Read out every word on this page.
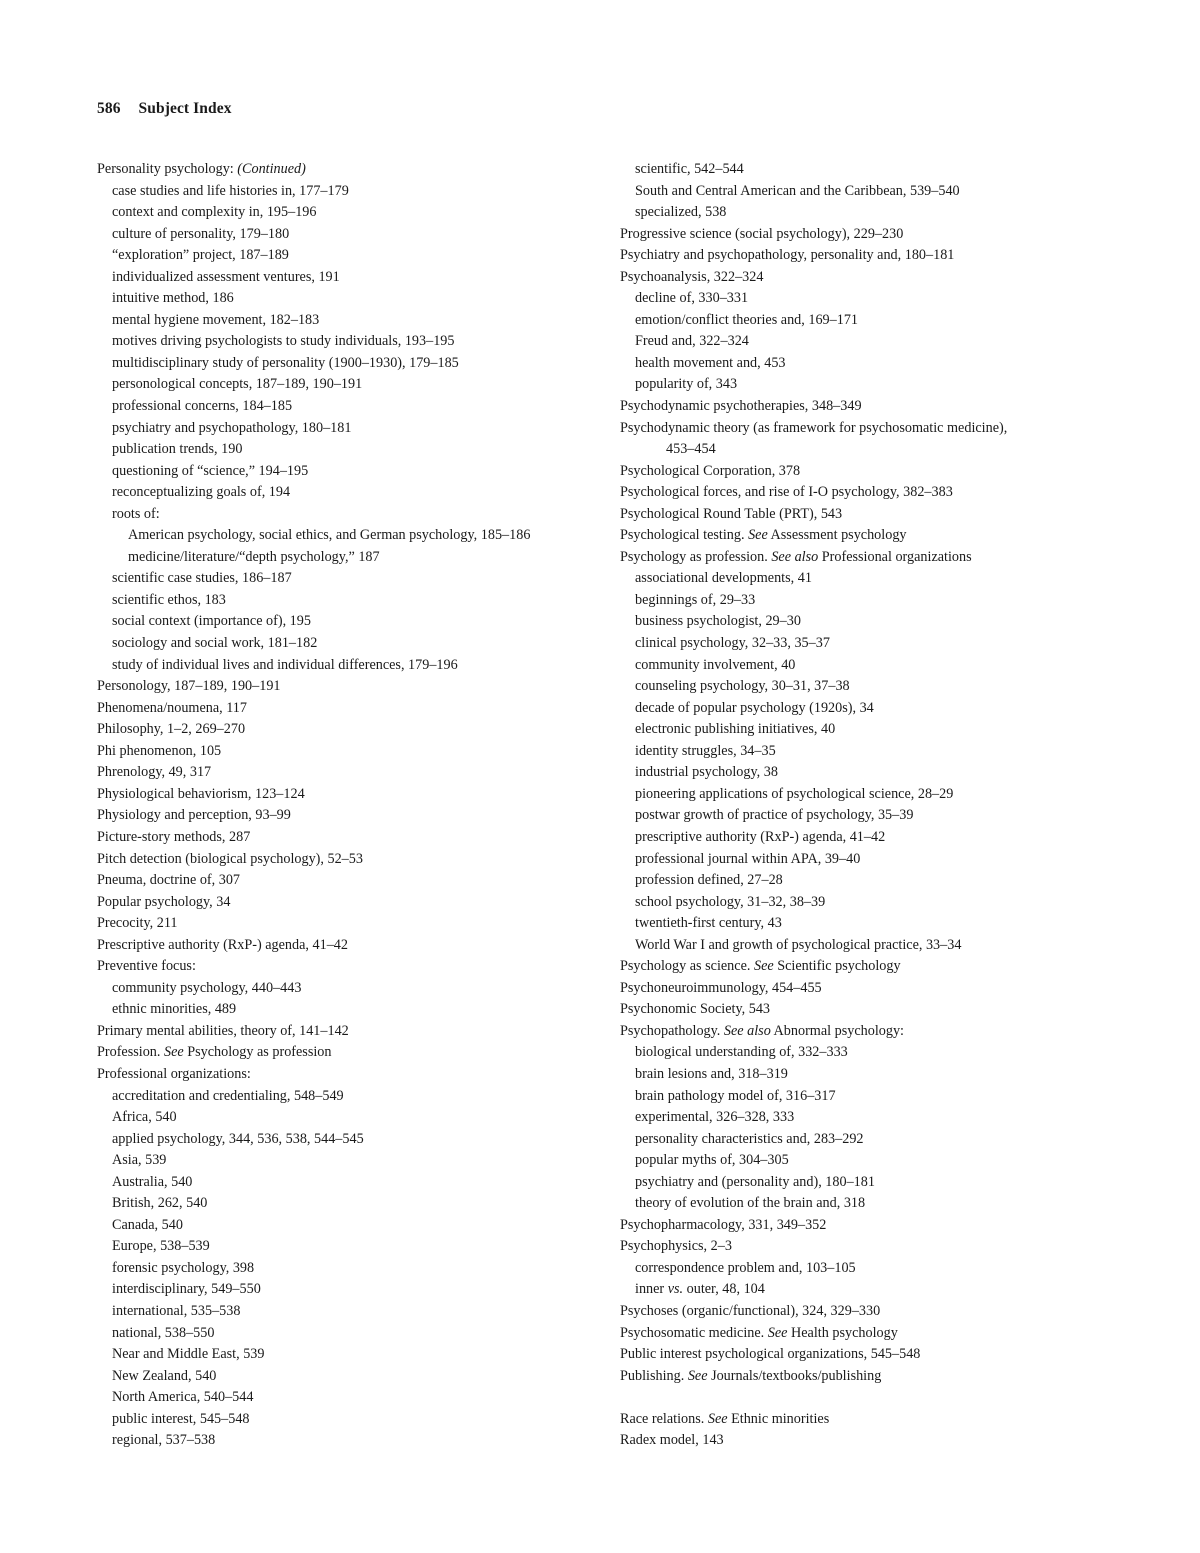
586 Subject Index
Personality psychology: (Continued)
case studies and life histories in, 177–179
context and complexity in, 195–196
culture of personality, 179–180
“exploration” project, 187–189
individualized assessment ventures, 191
intuitive method, 186
mental hygiene movement, 182–183
motives driving psychologists to study individuals, 193–195
multidisciplinary study of personality (1900–1930), 179–185
personological concepts, 187–189, 190–191
professional concerns, 184–185
psychiatry and psychopathology, 180–181
publication trends, 190
questioning of “science,” 194–195
reconceptualizing goals of, 194
roots of:
American psychology, social ethics, and German psychology, 185–186
medicine/literature/“depth psychology,” 187
scientific case studies, 186–187
scientific ethos, 183
social context (importance of), 195
sociology and social work, 181–182
study of individual lives and individual differences, 179–196
Personology, 187–189, 190–191
Phenomena/noumena, 117
Philosophy, 1–2, 269–270
Phi phenomenon, 105
Phrenology, 49, 317
Physiological behaviorism, 123–124
Physiology and perception, 93–99
Picture-story methods, 287
Pitch detection (biological psychology), 52–53
Pneuma, doctrine of, 307
Popular psychology, 34
Precocity, 211
Prescriptive authority (RxP-) agenda, 41–42
Preventive focus:
community psychology, 440–443
ethnic minorities, 489
Primary mental abilities, theory of, 141–142
Profession. See Psychology as profession
Professional organizations:
accreditation and credentialing, 548–549
Africa, 540
applied psychology, 344, 536, 538, 544–545
Asia, 539
Australia, 540
British, 262, 540
Canada, 540
Europe, 538–539
forensic psychology, 398
interdisciplinary, 549–550
international, 535–538
national, 538–550
Near and Middle East, 539
New Zealand, 540
North America, 540–544
public interest, 545–548
regional, 537–538
scientific, 542–544
South and Central American and the Caribbean, 539–540
specialized, 538
Progressive science (social psychology), 229–230
Psychiatry and psychopathology, personality and, 180–181
Psychoanalysis, 322–324
decline of, 330–331
emotion/conflict theories and, 169–171
Freud and, 322–324
health movement and, 453
popularity of, 343
Psychodynamic psychotherapies, 348–349
Psychodynamic theory (as framework for psychosomatic medicine),
453–454
Psychological Corporation, 378
Psychological forces, and rise of I-O psychology, 382–383
Psychological Round Table (PRT), 543
Psychological testing. See Assessment psychology
Psychology as profession. See also Professional organizations
associational developments, 41
beginnings of, 29–33
business psychologist, 29–30
clinical psychology, 32–33, 35–37
community involvement, 40
counseling psychology, 30–31, 37–38
decade of popular psychology (1920s), 34
electronic publishing initiatives, 40
identity struggles, 34–35
industrial psychology, 38
pioneering applications of psychological science, 28–29
postwar growth of practice of psychology, 35–39
prescriptive authority (RxP-) agenda, 41–42
professional journal within APA, 39–40
profession defined, 27–28
school psychology, 31–32, 38–39
twentieth-first century, 43
World War I and growth of psychological practice, 33–34
Psychology as science. See Scientific psychology
Psychoneuroimmunology, 454–455
Psychonomic Society, 543
Psychopathology. See also Abnormal psychology:
biological understanding of, 332–333
brain lesions and, 318–319
brain pathology model of, 316–317
experimental, 326–328, 333
personality characteristics and, 283–292
popular myths of, 304–305
psychiatry and (personality and), 180–181
theory of evolution of the brain and, 318
Psychopharmacology, 331, 349–352
Psychophysics, 2–3
correspondence problem and, 103–105
inner vs. outer, 48, 104
Psychoses (organic/functional), 324, 329–330
Psychosomatic medicine. See Health psychology
Public interest psychological organizations, 545–548
Publishing. See Journals/textbooks/publishing
Race relations. See Ethnic minorities
Radex model, 143
